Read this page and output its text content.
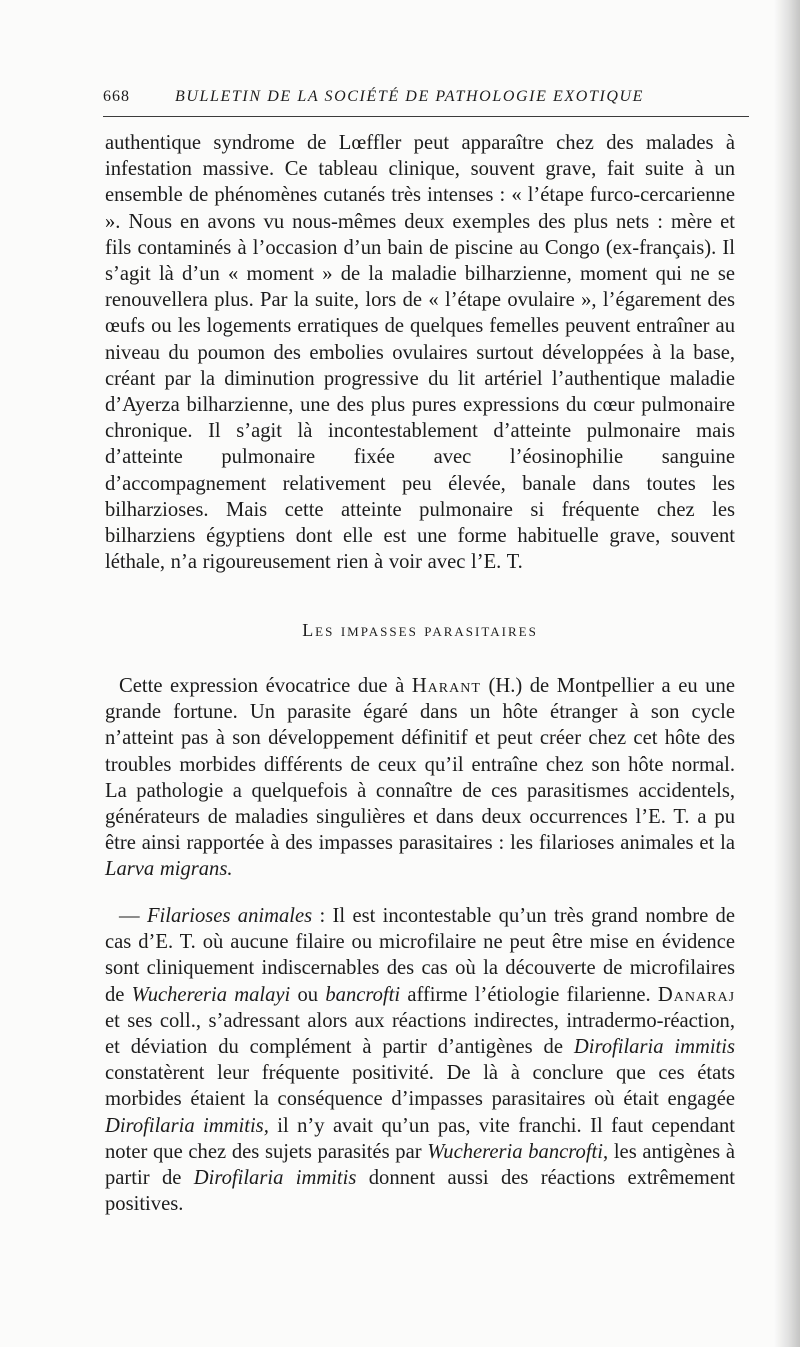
668	BULLETIN DE LA SOCIÉTÉ DE PATHOLOGIE EXOTIQUE

authentique syndrome de Lœffler peut apparaître chez des malades à infestation massive. Ce tableau clinique, souvent grave, fait suite à un ensemble de phénomènes cutanés très intenses : « l’étape furco-cercarienne ». Nous en avons vu nous-mêmes deux exemples des plus nets : mère et fils contaminés à l’occasion d’un bain de piscine au Congo (ex-français). Il s’agit là d’un « moment » de la maladie bilharzienne, moment qui ne se renouvellera plus. Par la suite, lors de « l’étape ovulaire », l’égarement des œufs ou les logements erratiques de quelques femelles peuvent entraîner au niveau du poumon des embolies ovulaires surtout développées à la base, créant par la diminution progressive du lit artériel l’authentique maladie d’Ayerza bilharzienne, une des plus pures expressions du cœur pulmonaire chronique. Il s’agit là incontestablement d’atteinte pulmonaire mais d’atteinte pulmonaire fixée avec l’éosinophilie sanguine d’accompagnement relativement peu élevée, banale dans toutes les bilharzioses. Mais cette atteinte pulmonaire si fréquente chez les bilharziens égyptiens dont elle est une forme habituelle grave, souvent léthale, n’a rigoureusement rien à voir avec l’E. T.

Les impasses parasitaires

Cette expression évocatrice due à Harant (H.) de Montpellier a eu une grande fortune. Un parasite égaré dans un hôte étranger à son cycle n’atteint pas à son développement définitif et peut créer chez cet hôte des troubles morbides différents de ceux qu’il entraîne chez son hôte normal. La pathologie a quelquefois à connaître de ces parasitismes accidentels, générateurs de maladies singulières et dans deux occurrences l’E. T. a pu être ainsi rapportée à des impasses parasitaires : les filarioses animales et la Larva migrans.

— Filarioses animales : Il est incontestable qu’un très grand nombre de cas d’E. T. où aucune filaire ou microfilaire ne peut être mise en évidence sont cliniquement indiscernables des cas où la découverte de microfilaires de Wuchereria malayi ou bancrofti affirme l’étiologie filarienne. Danaraj et ses coll., s’adressant alors aux réactions indirectes, intradermo-réaction, et déviation du complément à partir d’antigènes de Dirofilaria immitis constatèrent leur fréquente positivité. De là à conclure que ces états morbides étaient la conséquence d’impasses parasitaires où était engagée Dirofilaria immitis, il n’y avait qu’un pas, vite franchi. Il faut cependant noter que chez des sujets parasités par Wuchereria bancrofti, les antigènes à partir de Dirofilaria immitis donnent aussi des réactions extrêmement positives.
